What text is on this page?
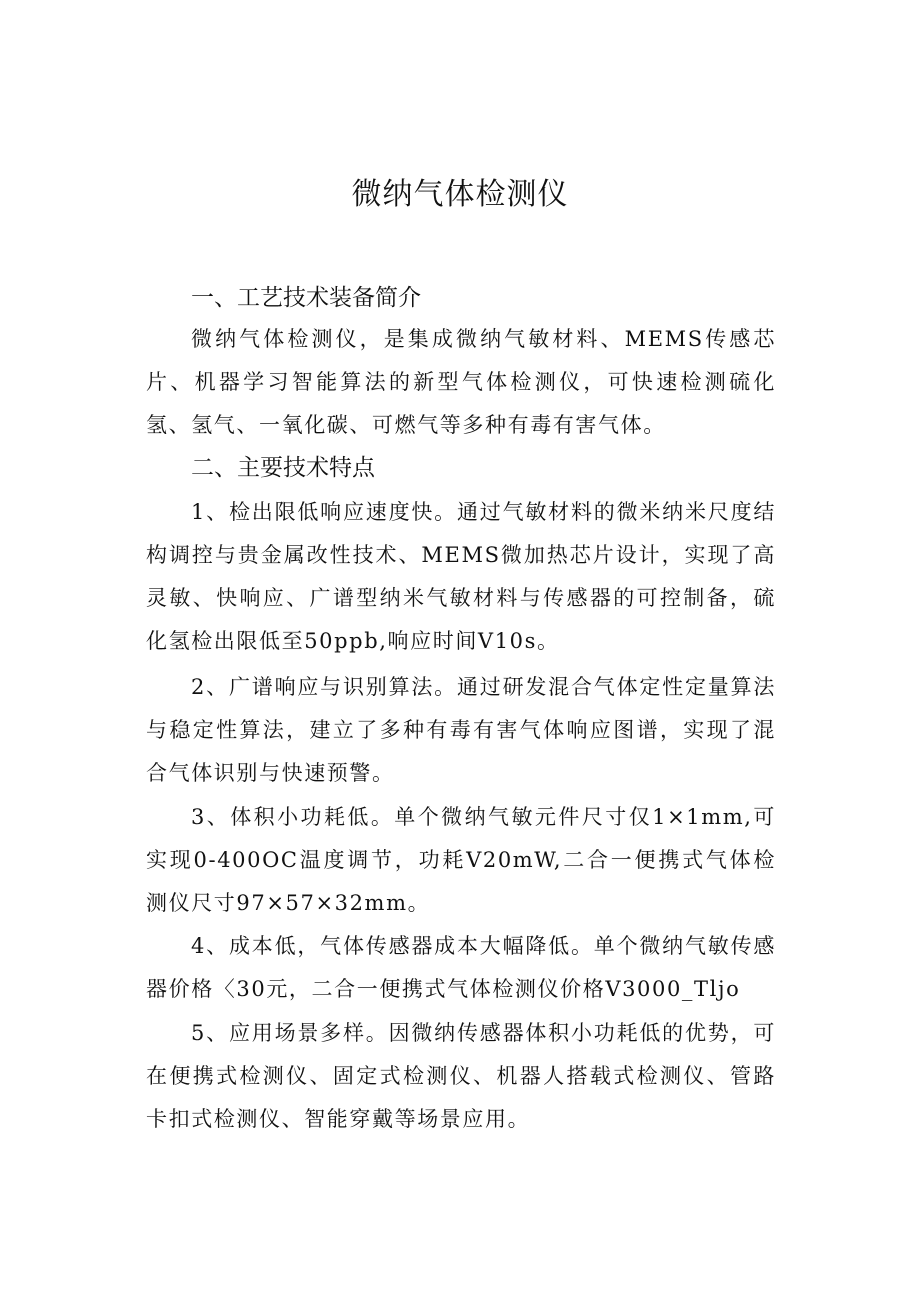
微纳气体检测仪
一、工艺技术装备简介

微纳气体检测仪，是集成微纳气敏材料、MEMS传感芯片、机器学习智能算法的新型气体检测仪，可快速检测硫化氢、氢气、一氧化碳、可燃气等多种有毒有害气体。

二、主要技术特点

1、检出限低响应速度快。通过气敏材料的微米纳米尺度结构调控与贵金属改性技术、MEMS微加热芯片设计，实现了高灵敏、快响应、广谱型纳米气敏材料与传感器的可控制备，硫化氢检出限低至50ppb,响应时间V10s。

2、广谱响应与识别算法。通过研发混合气体定性定量算法与稳定性算法，建立了多种有毒有害气体响应图谱，实现了混合气体识别与快速预警。

3、体积小功耗低。单个微纳气敏元件尺寸仅1×1mm,可实现0-400OC温度调节，功耗V20mW,二合一便携式气体检测仪尺寸97×57×32mm。

4、成本低，气体传感器成本大幅降低。单个微纳气敏传感器价格〈30元，二合一便携式气体检测仪价格V3000_Tljo

5、应用场景多样。因微纳传感器体积小功耗低的优势，可在便携式检测仪、固定式检测仪、机器人搭载式检测仪、管路卡扣式检测仪、智能穿戴等场景应用。
